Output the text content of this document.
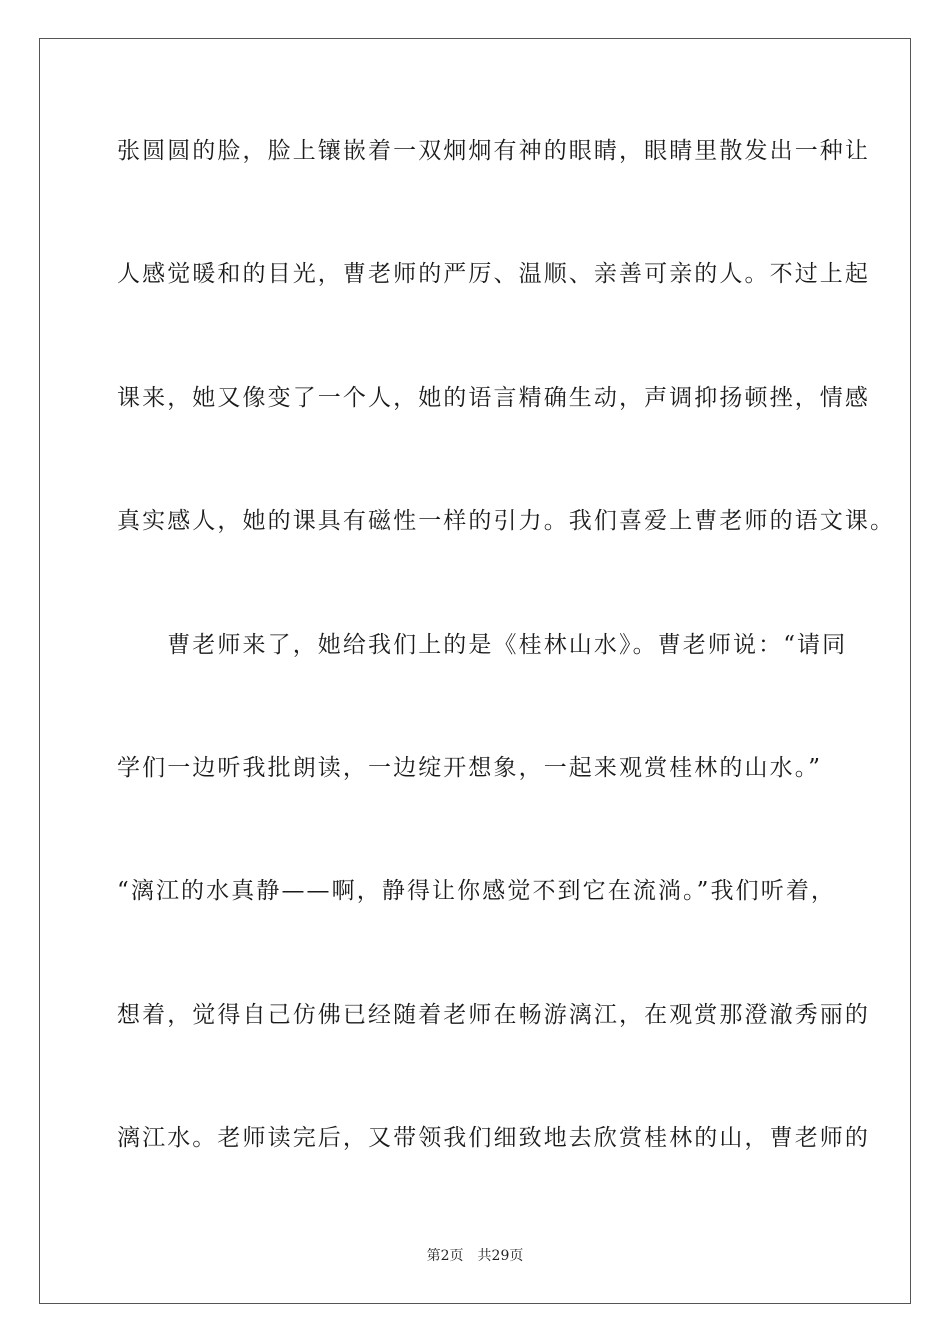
张圆圆的脸，脸上镶嵌着一双炯炯有神的眼睛，眼睛里散发出一种让
人感觉暖和的目光，曹老师的严厉、温顺、亲善可亲的人。不过上起
课来，她又像变了一个人，她的语言精确生动，声调抑扬顿挫，情感
真实感人，她的课具有磁性一样的引力。我们喜爱上曹老师的语文课。
　　曹老师来了，她给我们上的是《桂林山水》。曹老师说：“请同
学们一边听我批朗读，一边绽开想象，一起来观赏桂林的山水。”
“漓江的水真静——啊，静得让你感觉不到它在流淌。”我们听着，
想着，觉得自己仿佛已经随着老师在畅游漓江，在观赏那澄澈秀丽的
漓江水。老师读完后，又带领我们细致地去欣赏桂林的山，曹老师的
第2页　共29页
